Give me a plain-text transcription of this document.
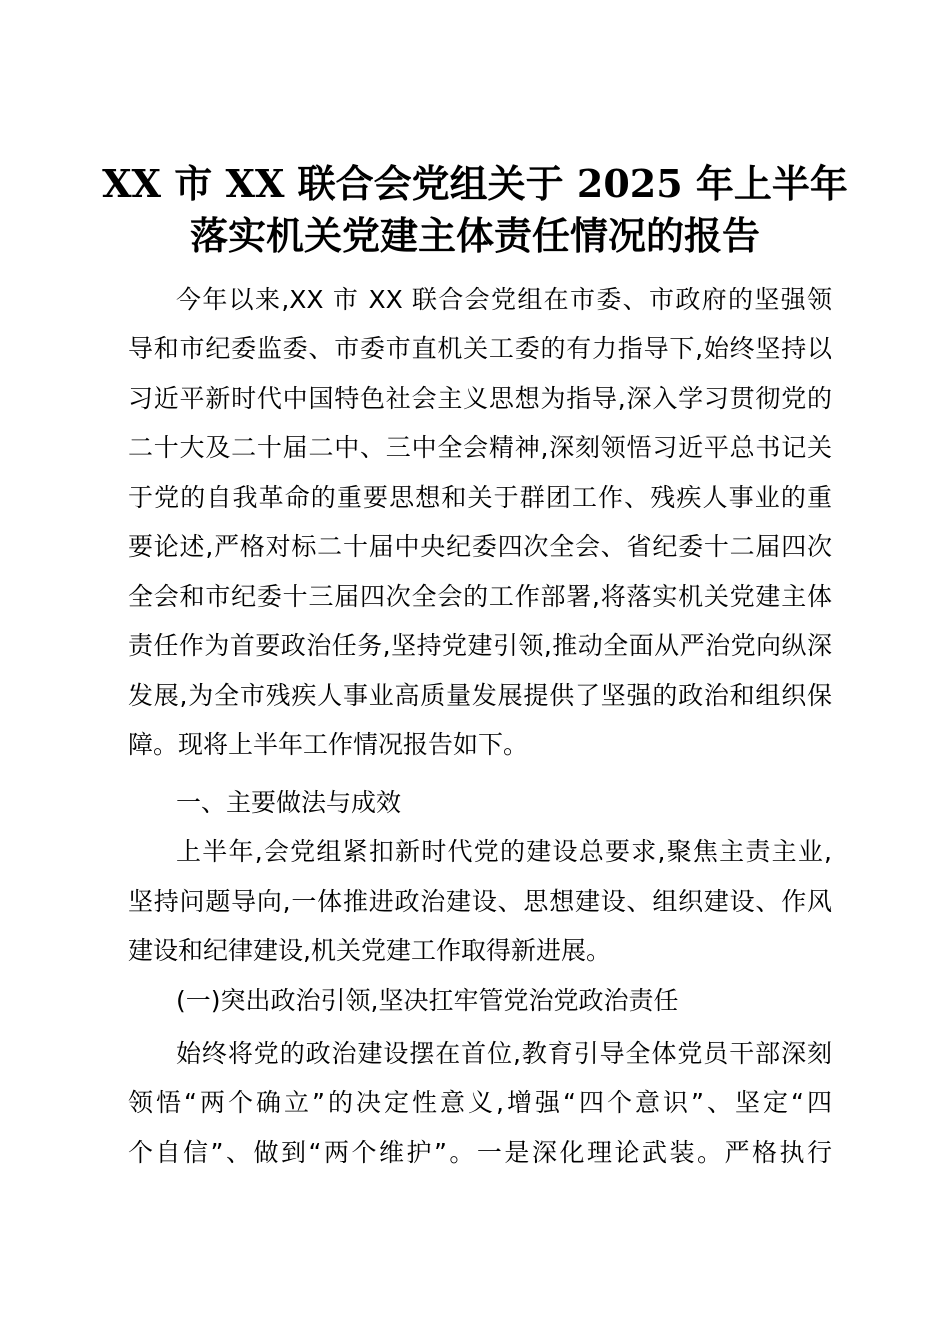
XX 市 XX 联合会党组关于 2025 年上半年
落实机关党建主体责任情况的报告
今年以来,XX 市 XX 联合会党组在市委、市政府的坚强领
导和市纪委监委、市委市直机关工委的有力指导下,始终坚持以
习近平新时代中国特色社会主义思想为指导,深入学习贯彻党的
二十大及二十届二中、三中全会精神,深刻领悟习近平总书记关
于党的自我革命的重要思想和关于群团工作、残疾人事业的重
要论述,严格对标二十届中央纪委四次全会、省纪委十二届四次
全会和市纪委十三届四次全会的工作部署,将落实机关党建主体
责任作为首要政治任务,坚持党建引领,推动全面从严治党向纵深
发展,为全市残疾人事业高质量发展提供了坚强的政治和组织保
障。现将上半年工作情况报告如下。
一、主要做法与成效
上半年,会党组紧扣新时代党的建设总要求,聚焦主责主业,
坚持问题导向,一体推进政治建设、思想建设、组织建设、作风
建设和纪律建设,机关党建工作取得新进展。
(一)突出政治引领,坚决扛牢管党治党政治责任
始终将党的政治建设摆在首位,教育引导全体党员干部深刻
领悟“两个确立”的决定性意义,增强“四个意识”、坚定“四
个自信”、做到“两个维护”。一是深化理论武装。严格执行
